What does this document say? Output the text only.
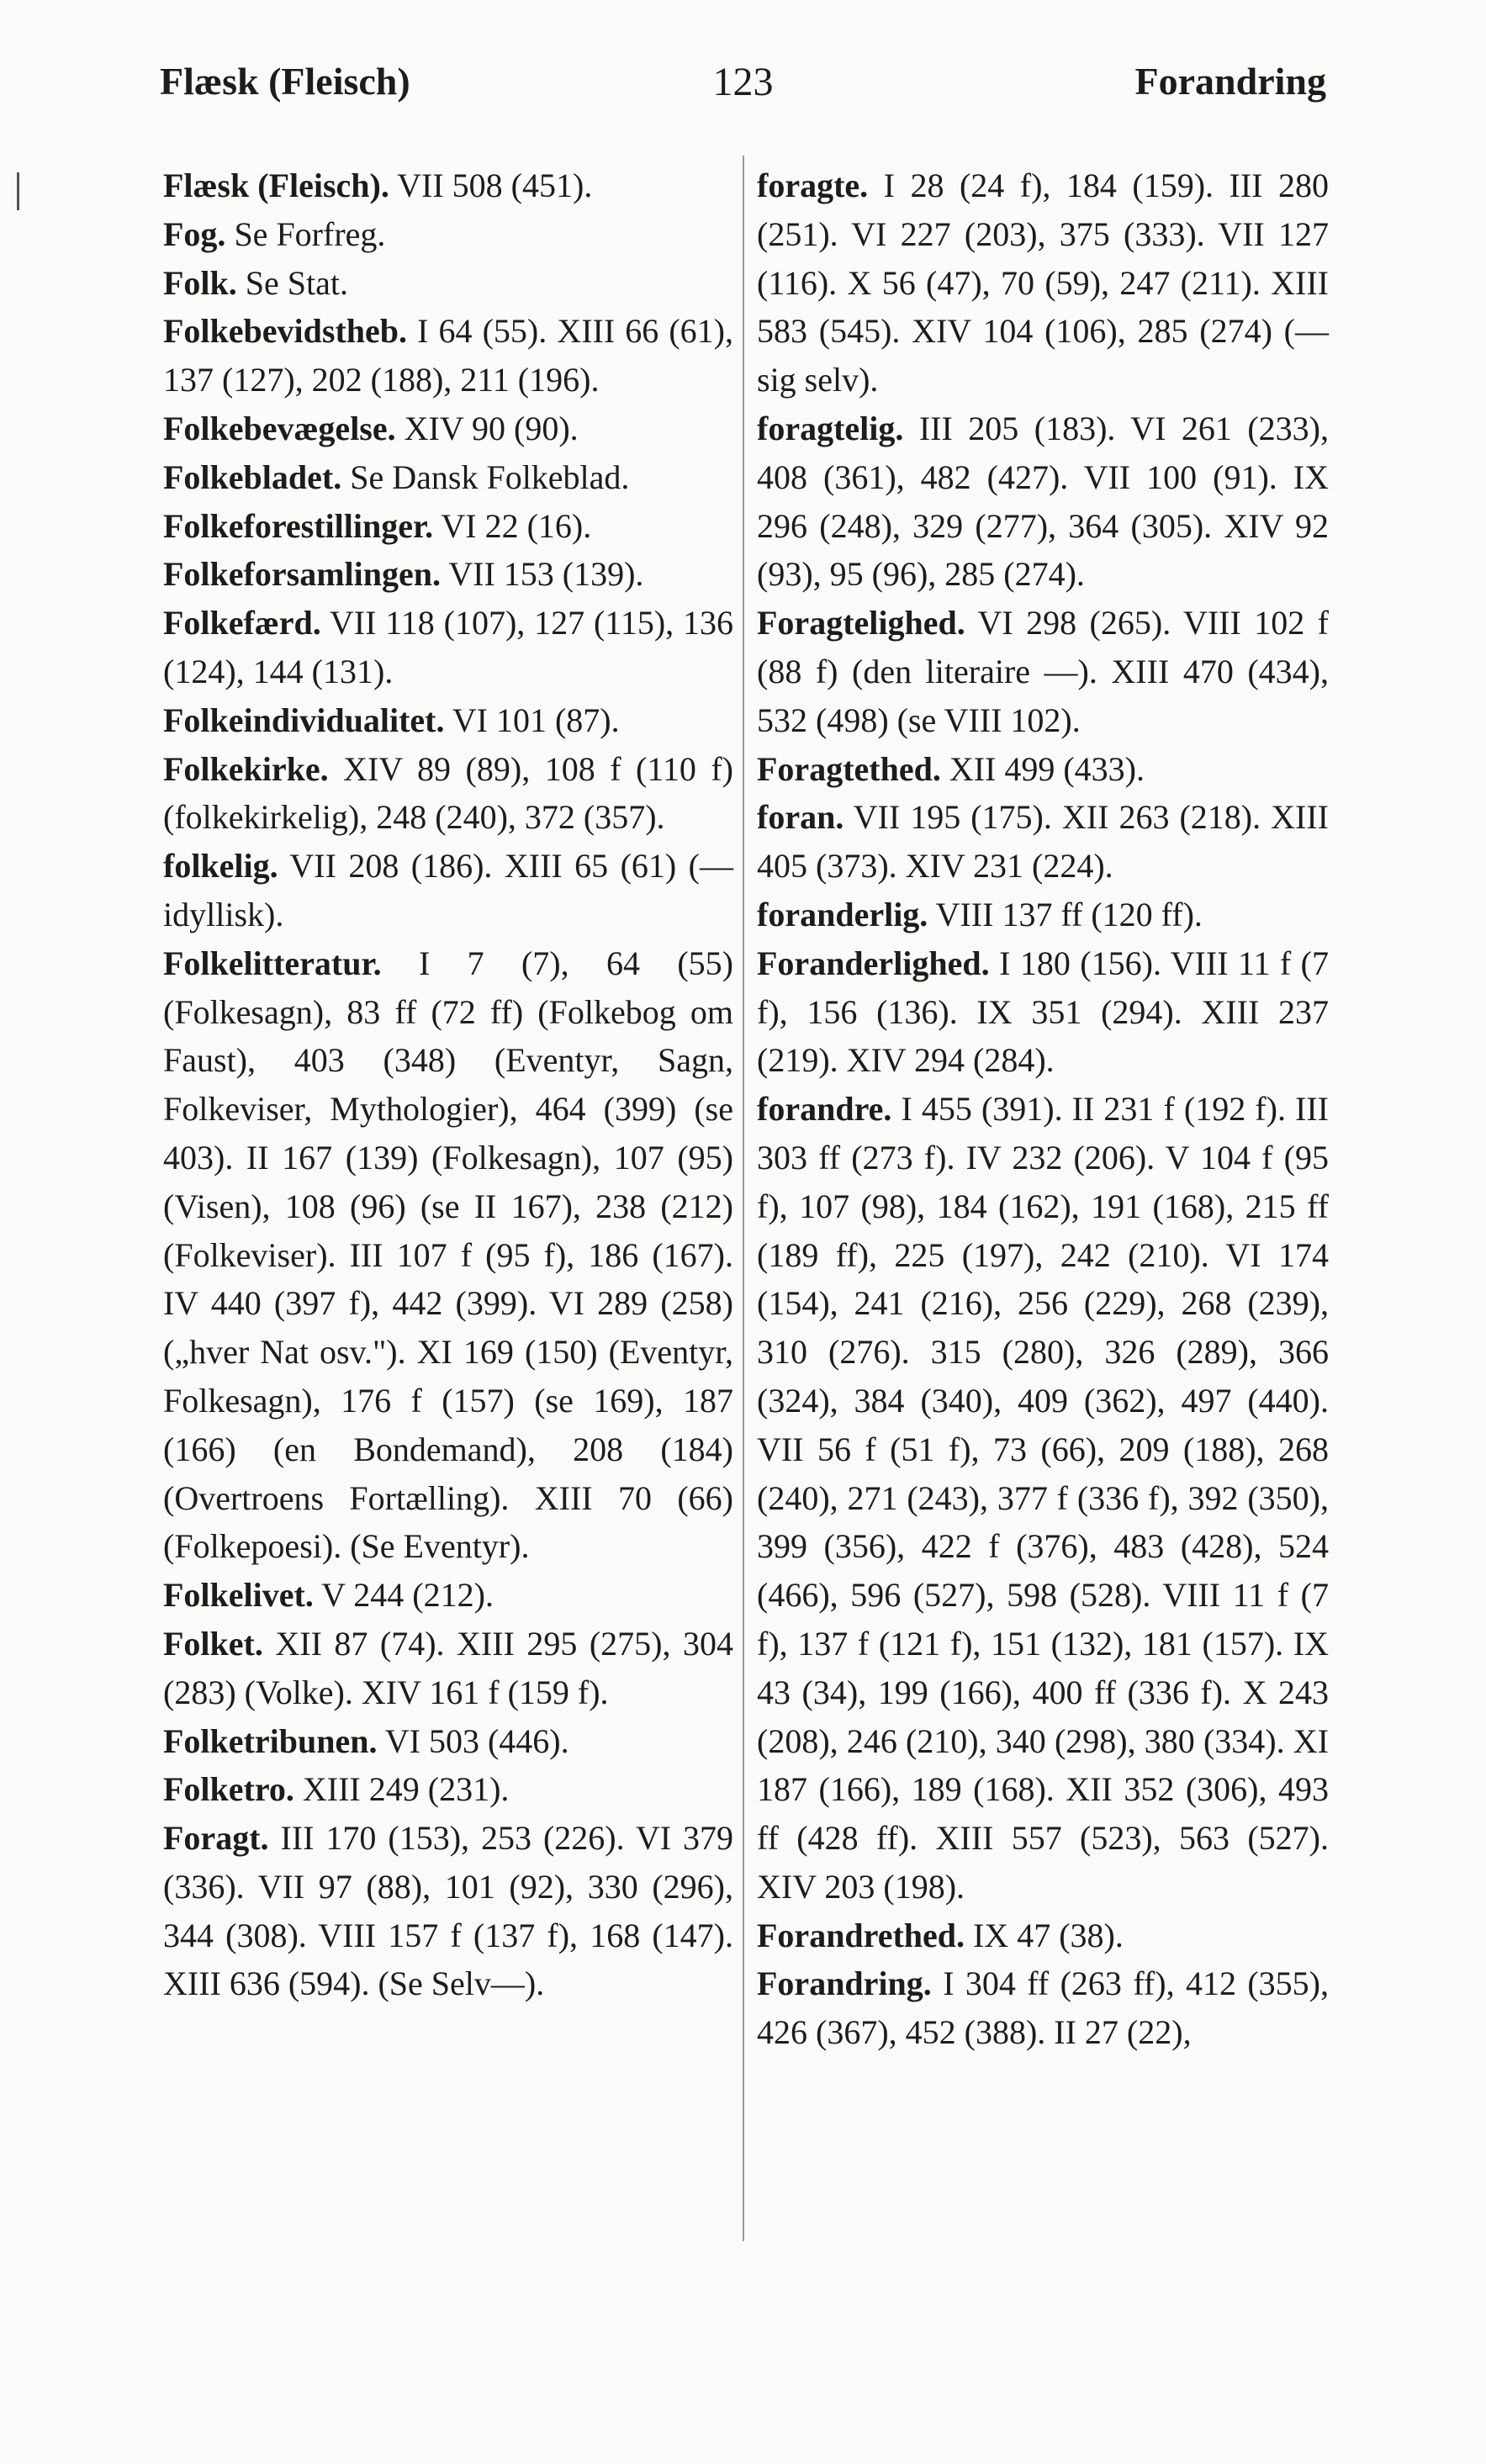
Flæsk (Fleisch)	123	Forandring

Flæsk (Fleisch). VII 508 (451).

Fog. Se Forfreg.

Folk. Se Stat.

Folkebevidstheb. I 64 (55). XIII 66 (61), 137 (127), 202 (188), 211 (196).

Folkebevægelse. XIV 90 (90).

Folkebladet. Se Dansk Folkeblad.

Folkeforestillinger. VI 22 (16).

Folkeforsamlingen. VII 153 (139).

Folkefærd. VII 118 (107), 127 (115), 136 (124), 144 (131).

Folkeindividualitet. VI 101 (87).

Folkekirke. XIV 89 (89), 108 f (110 f) (folkekirkelig), 248 (240), 372 (357).

folkelig. VII 208 (186). XIII 65 (61) (—idyllisk).

Folkelitteratur. I 7 (7), 64 (55) (Folkesagn), 83 ff (72 ff) (Folkebog om Faust), 403 (348) (Eventyr, Sagn, Folkeviser, Mythologier), 464 (399) (se 403). II 167 (139) (Folkesagn), 107 (95) (Visen), 108 (96) (se II 167), 238 (212) (Folkeviser). III 107 f (95 f), 186 (167). IV 440 (397 f), 442 (399). VI 289 (258) („hver Nat osv."). XI 169 (150) (Eventyr, Folkesagn), 176 f (157) (se 169), 187 (166) (en Bondemand), 208 (184) (Overtroens Fortælling). XIII 70 (66) (Folkepoesi). (Se Eventyr).

Folkelivet. V 244 (212).

Folket. XII 87 (74). XIII 295 (275), 304 (283) (Volke). XIV 161 f (159 f).

Folketribunen. VI 503 (446).

Folketro. XIII 249 (231).

Foragt. III 170 (153), 253 (226). VI 379 (336). VII 97 (88), 101 (92), 330 (296), 344 (308). VIII 157 f (137 f), 168 (147). XIII 636 (594). (Se Selv—).

foragte. I 28 (24 f), 184 (159). III 280 (251). VI 227 (203), 375 (333). VII 127 (116). X 56 (47), 70 (59), 247 (211). XIII 583 (545). XIV 104 (106), 285 (274) (— sig selv).

foragtelig. III 205 (183). VI 261 (233), 408 (361), 482 (427). VII 100 (91). IX 296 (248), 329 (277), 364 (305). XIV 92 (93), 95 (96), 285 (274).

Foragtelighed. VI 298 (265). VIII 102 f (88 f) (den literaire —). XIII 470 (434), 532 (498) (se VIII 102).

Foragtethed. XII 499 (433).

foran. VII 195 (175). XII 263 (218). XIII 405 (373). XIV 231 (224).

foranderlig. VIII 137 ff (120 ff).

Foranderlighed. I 180 (156). VIII 11 f (7 f), 156 (136). IX 351 (294). XIII 237 (219). XIV 294 (284).

forandre. I 455 (391). II 231 f (192 f). III 303 ff (273 f). IV 232 (206). V 104 f (95 f), 107 (98), 184 (162), 191 (168), 215 ff (189 ff), 225 (197), 242 (210). VI 174 (154), 241 (216), 256 (229), 268 (239), 310 (276). 315 (280), 326 (289), 366 (324), 384 (340), 409 (362), 497 (440). VII 56 f (51 f), 73 (66), 209 (188), 268 (240), 271 (243), 377 f (336 f), 392 (350), 399 (356), 422 f (376), 483 (428), 524 (466), 596 (527), 598 (528). VIII 11 f (7 f), 137 f (121 f), 151 (132), 181 (157). IX 43 (34), 199 (166), 400 ff (336 f). X 243 (208), 246 (210), 340 (298), 380 (334). XI 187 (166), 189 (168). XII 352 (306), 493 ff (428 ff). XIII 557 (523), 563 (527). XIV 203 (198).

Forandrethed. IX 47 (38).

Forandring. I 304 ff (263 ff), 412 (355), 426 (367), 452 (388). II 27 (22),
